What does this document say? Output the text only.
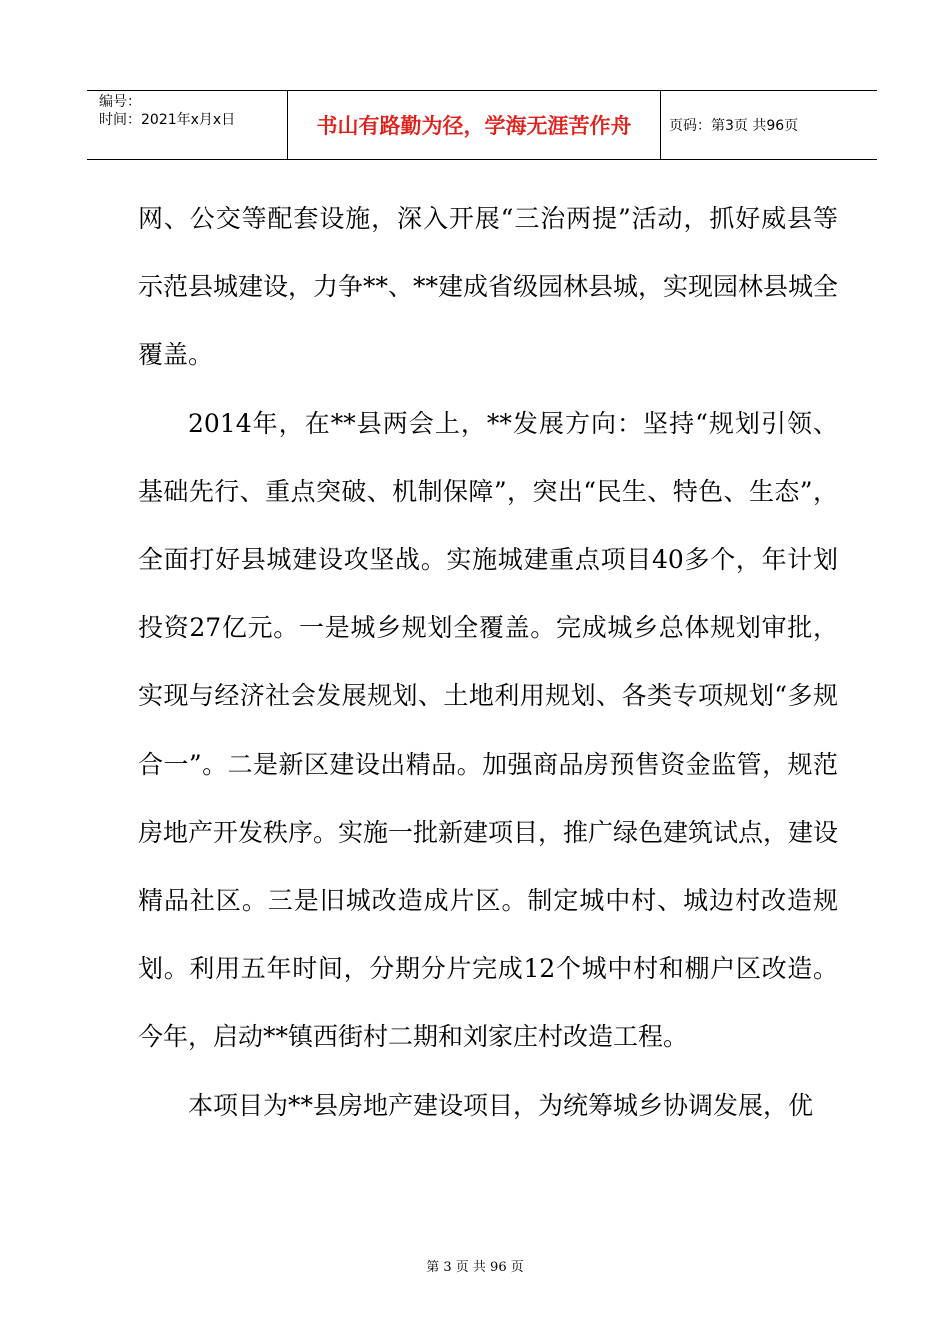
编号：
时间：2021年x月x日	书山有路勤为径，学海无涯苦作舟	页码：第3页 共96页

网、公交等配套设施，深入开展“三治两提”活动，抓好威县等示范县城建设，力争**、**建成省级园林县城，实现园林县城全覆盖。

2014年，在**县两会上，**发展方向：坚持“规划引领、基础先行、重点突破、机制保障”，突出“民生、特色、生态”，全面打好县城建设攻坚战。实施城建重点项目40多个，年计划投资27亿元。一是城乡规划全覆盖。完成城乡总体规划审批，实现与经济社会发展规划、土地利用规划、各类专项规划“多规合一”。二是新区建设出精品。加强商品房预售资金监管，规范房地产开发秩序。实施一批新建项目，推广绿色建筑试点，建设精品社区。三是旧城改造成片区。制定城中村、城边村改造规划。利用五年时间，分期分片完成12个城中村和棚户区改造。今年，启动**镇西街村二期和刘家庄村改造工程。

本项目为**县房地产建设项目，为统筹城乡协调发展，优

第 3 页 共 96 页
